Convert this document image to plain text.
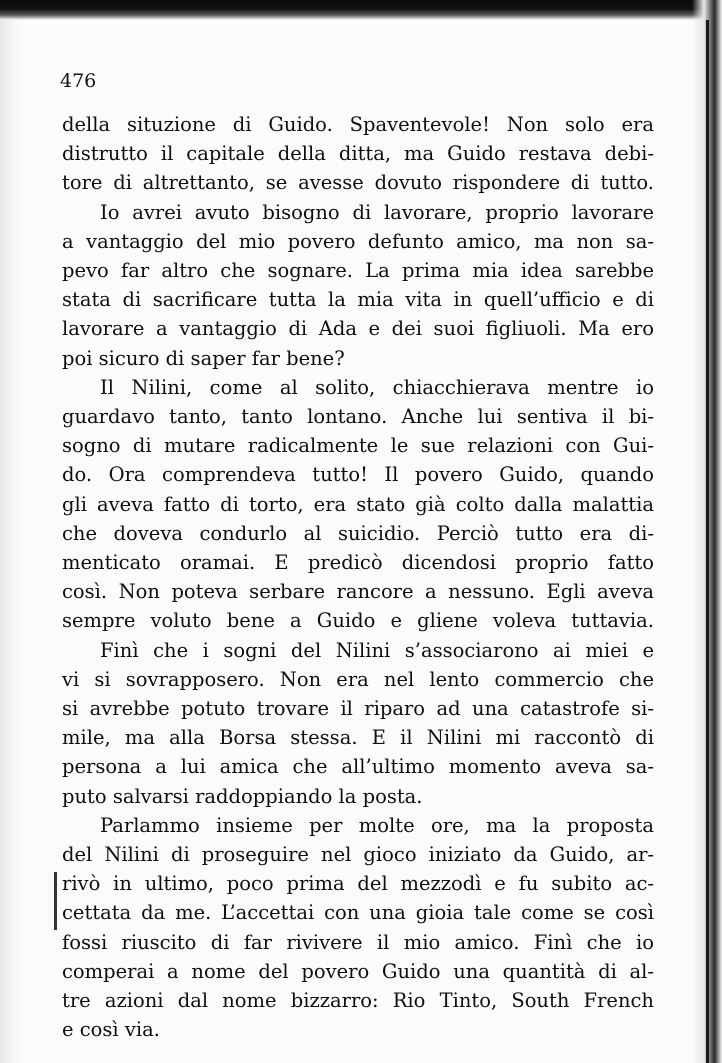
476
della situzione di Guido. Spaventevole! Non solo era
distrutto il capitale della ditta, ma Guido restava debi-
tore di altrettanto, se avesse dovuto rispondere di tutto.
Io avrei avuto bisogno di lavorare, proprio lavorare
a vantaggio del mio povero defunto amico, ma non sa-
pevo far altro che sognare. La prima mia idea sarebbe
stata di sacrificare tutta la mia vita in quell’ufficio e di
lavorare a vantaggio di Ada e dei suoi figliuoli. Ma ero
poi sicuro di saper far bene?
Il Nilini, come al solito, chiacchierava mentre io
guardavo tanto, tanto lontano. Anche lui sentiva il bi-
sogno di mutare radicalmente le sue relazioni con Gui-
do. Ora comprendeva tutto! Il povero Guido, quando
gli aveva fatto di torto, era stato già colto dalla malattia
che doveva condurlo al suicidio. Perciò tutto era di-
menticato oramai. E predicò dicendosi proprio fatto
così. Non poteva serbare rancore a nessuno. Egli aveva
sempre voluto bene a Guido e gliene voleva tuttavia.
Finì che i sogni del Nilini s’associarono ai miei e
vi si sovrapposero. Non era nel lento commercio che
si avrebbe potuto trovare il riparo ad una catastrofe si-
mile, ma alla Borsa stessa. E il Nilini mi raccontò di
persona a lui amica che all’ultimo momento aveva sa-
puto salvarsi raddoppiando la posta.
Parlammo insieme per molte ore, ma la proposta
del Nilini di proseguire nel gioco iniziato da Guido, ar-
rivò in ultimo, poco prima del mezzodì e fu subito ac-
cettata da me. L’accettai con una gioia tale come se così
fossi riuscito di far rivivere il mio amico. Finì che io
comperai a nome del povero Guido una quantità di al-
tre azioni dal nome bizzarro: Rio Tinto, South French
e così via.
